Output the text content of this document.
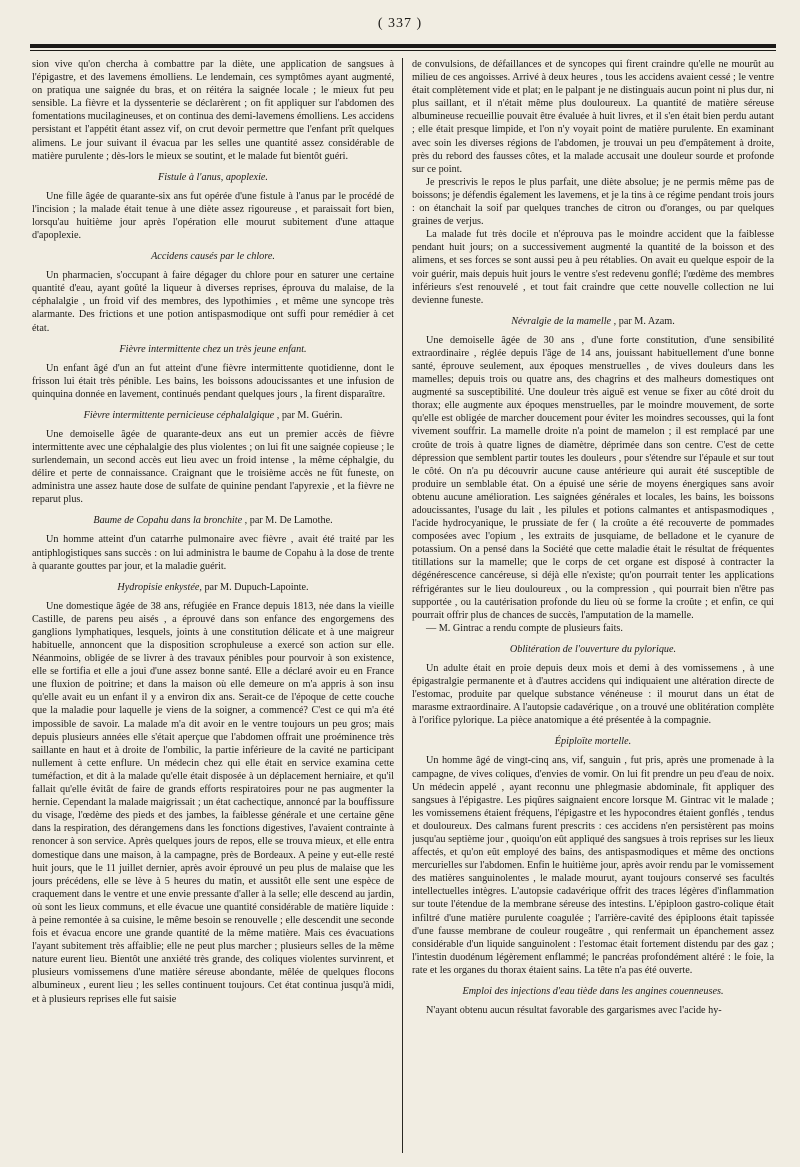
( 337 )

sion vive qu'on chercha à combattre par la diète, une application de sangsues à l'épigastre, et des lavemens émolliens. Le lendemain, ces symptômes ayant augmenté, on pratiqua une saignée du bras, et on réitéra la saignée locale ; le mieux fut peu sensible. La fièvre et la dyssenterie se déclarèrent ; on fit appliquer sur l'abdomen des fomentations mucilagineuses, et on continua des demi-lavemens émolliens. Les accidens persistant et l'appétit étant assez vif, on crut devoir permettre que l'enfant prît quelques alimens. Le jour suivant il évacua par les selles une quantité assez considérable de matière purulente ; dès-lors le mieux se soutint, et le malade fut bientôt guéri.

Fistule à l'anus, apoplexie.

Une fille âgée de quarante-six ans fut opérée d'une fistule à l'anus par le procédé de l'incision ; la malade était tenue à une diète assez rigoureuse , et paraissait fort bien, lorsqu'au huitième jour après l'opération elle mourut subitement d'une attaque d'apoplexie.

Accidens causés par le chlore.

Un pharmacien, s'occupant à faire dégager du chlore pour en saturer une certaine quantité d'eau, ayant goûté la liqueur à diverses reprises, éprouva du malaise, de la céphalalgie , un froid vif des membres, des lypothimies , et même une syncope très alarmante. Des frictions et une potion antispasmodique ont suffi pour remédier à cet état.

Fièvre intermittente chez un très jeune enfant.

Un enfant âgé d'un an fut atteint d'une fièvre intermittente quotidienne, dont le frisson lui était très pénible. Les bains, les boissons adoucissantes et une infusion de quinquina donnée en lavement, continués pendant quelques jours , la firent disparaître.

Fièvre intermittente pernicieuse céphalalgique , par M. Guérin.

Une demoiselle âgée de quarante-deux ans eut un premier accès de fièvre intermittente avec une céphalalgie des plus violentes ; on lui fit une saignée copieuse ; le surlendemain, un second accès eut lieu avec un froid intense , la même céphalgie, du délire et perte de connaissance. Craignant que le troisième accès ne fût funeste, on administra une assez haute dose de sulfate de quinine pendant l'apyrexie , et la fièvre ne reparut plus.

Baume de Copahu dans la bronchite , par M. De Lamothe.

Un homme atteint d'un catarrhe pulmonaire avec fièvre , avait été traité par les antiphlogistiques sans succès : on lui administra le baume de Copahu à la dose de trente à quarante gouttes par jour, et la maladie guérit.

Hydropisie enkystée, par M. Dupuch-Lapointe.

Une domestique âgée de 38 ans, réfugiée en France depuis 1813, née dans la vieille Castille, de parens peu aisés , a éprouvé dans son enfance des engorgemens des ganglions lymphatiques, lesquels, joints à une constitution délicate et à une maigreur habituelle, annoncent que la disposition scrophuleuse a exercé son action sur elle. Néanmoins, obligée de se livrer à des travaux pénibles pour pourvoir à son existence, elle se fortifia et elle a joui d'une assez bonne santé. Elle a déclaré avoir eu en France une fluxion de poitrine; et dans la maison où elle demeure on m'a appris à son insu qu'elle avait eu un enfant il y a environ dix ans. Serait-ce de l'époque de cette couche que la maladie pour laquelle je viens de la soigner, a commencé? C'est ce qui m'a été impossible de savoir. La malade m'a dit avoir en le ventre toujours un peu gros; mais depuis plusieurs années elle s'était aperçue que l'abdomen offrait une proéminence très saillante en haut et à droite de l'ombilic, la partie inférieure de la cavité ne participant nullement à cette enflure. Un médecin chez qui elle était en service examina cette tuméfaction, et dit à la malade qu'elle était disposée à un déplacement herniaire, et qu'il fallait qu'elle évitât de faire de grands efforts respiratoires pour ne pas augmenter la hernie. Cependant la malade maigrissait ; un état cachectique, annoncé par la bouffissure du visage, l'œdème des pieds et des jambes, la faiblesse générale et une certaine gêne dans la respiration, des dérangemens dans les fonctions digestives, l'avaient contrainte à renoncer à son service. Après quelques jours de repos, elle se trouva mieux, et elle entra domestique dans une maison, à la campagne, près de Bordeaux. A peine y eut-elle resté huit jours, que le 11 juillet dernier, après avoir éprouvé un peu plus de malaise que les jours précédens, elle se lève à 5 heures du matin, et aussitôt elle sent une espèce de craquement dans le ventre et une envie pressante d'aller à la selle; elle descend au jardin, où sont les lieux communs, et elle évacue une quantité considérable de matière liquide : à peine remontée à sa cuisine, le même besoin se renouvelle ; elle descendit une seconde fois et évacua encore une grande quantité de la même matière. Mais ces évacuations l'ayant subitement très affaiblie; elle ne peut plus marcher ; plusieurs selles de la même nature eurent lieu. Bientôt une anxiété très grande, des coliques violentes survinrent, et plusieurs vomissemens d'une matière séreuse abondante, mêlée de quelques flocons albumineux , eurent lieu ; les selles continuent toujours. Cet état continua jusqu'à midi, et à plusieurs reprises elle fut saisie

de convulsions, de défaillances et de syncopes qui firent craindre qu'elle ne mourût au milieu de ces angoisses. Arrivé à deux heures , tous les accidens avaient cessé ; le ventre était complètement vide et plat; en le palpant je ne distinguais aucun point ni plus dur, ni plus saillant, et il n'était même plus douloureux. La quantité de matière séreuse albumineuse recueillie pouvait être évaluée à huit livres, et il s'en était bien perdu autant ; elle était presque limpide, et l'on n'y voyait point de matière purulente. En examinant avec soin les diverses régions de l'abdomen, je trouvai un peu d'empâtement à droite, près du rebord des fausses côtes, et la malade accusait une douleur sourde et profonde sur ce point.

Je prescrivis le repos le plus parfait, une diète absolue; je ne permis même pas de boissons; je défendis également les lavemens, et je la tins à ce régime pendant trois jours : on étanchait la soif par quelques tranches de citron ou d'oranges, ou par quelques graines de verjus.

La malade fut très docile et n'éprouva pas le moindre accident que la faiblesse pendant huit jours; on a successivement augmenté la quantité de la boisson et des alimens, et ses forces se sont aussi peu à peu rétablies. On avait eu quelque espoir de la voir guérir, mais depuis huit jours le ventre s'est redevenu gonflé; l'œdème des membres inférieurs s'est renouvelé , et tout fait craindre que cette nouvelle collection ne lui devienne funeste.

Névralgie de la mamelle , par M. Azam.

Une demoiselle âgée de 30 ans , d'une forte constitution, d'une sensibilité extraordinaire , réglée depuis l'âge de 14 ans, jouissant habituellement d'une bonne santé, éprouve seulement, aux époques menstruelles , de vives douleurs dans les mamelles; depuis trois ou quatre ans, des chagrins et des malheurs domestiques ont augmenté sa susceptibilité. Une douleur très aiguë est venue se fixer au côté droit du thorax; elle augmente aux époques menstruelles, par le moindre mouvement, de sorte qu'elle est obligée de marcher doucement pour éviter les moindres secousses, qui la font vivement souffrir. La mamelle droite n'a point de mamelon ; il est remplacé par une croûte de trois à quatre lignes de diamètre, déprimée dans son centre. C'est de cette dépression que semblent partir toutes les douleurs , pour s'étendre sur l'épaule et sur tout le côté. On n'a pu découvrir aucune cause antérieure qui aurait été susceptible de produire un semblable état. On a épuisé une série de moyens énergiques sans avoir obtenu aucune amélioration. Les saignées générales et locales, les bains, les boissons adoucissantes, l'usage du lait , les pilules et potions calmantes et antispasmodiques , l'acide hydrocyanique, le prussiate de fer ( la croûte a été recouverte de pommades composées avec l'opium , les extraits de jusquiame, de belladone et le cyanure de potassium. On a pensé dans la Société que cette maladie était le résultat de fréquentes titillations sur la mamelle; que le corps de cet organe est disposé à contracter la dégénérescence cancéreuse, si déjà elle n'existe; qu'on pourrait tenter les applications réfrigérantes sur le lieu douloureux , ou la compression , qui pourrait bien n'être pas supportée , ou la cautérisation profonde du lieu où se forme la croûte ; et enfin, ce qui pourrait offrir plus de chances de succès, l'amputation de la mamelle.

— M. Gintrac a rendu compte de plusieurs faits.

Oblitération de l'ouverture du pylorique.

Un adulte était en proie depuis deux mois et demi à des vomissemens , à une épigastralgie permanente et à d'autres accidens qui indiquaient une altération directe de l'estomac, produite par quelque substance vénéneuse : il mourut dans un état de marasme extraordinaire. A l'autopsie cadavérique , on a trouvé une oblitération complète à l'orifice pylorique. La pièce anatomique a été présentée à la compagnie.

Épiploïte mortelle.

Un homme âgé de vingt-cinq ans, vif, sanguin , fut pris, après une promenade à la campagne, de vives coliques, d'envies de vomir. On lui fit prendre un peu d'eau de noix. Un médecin appelé , ayant reconnu une phlegmasie abdominale, fit appliquer des sangsues à l'épigastre. Les piqûres saignaient encore lorsque M. Gintrac vit le malade ; les vomissemens étaient fréquens, l'épigastre et les hypocondres étaient gonflés , tendus et douloureux. Des calmans furent prescrits : ces accidens n'en persistèrent pas moins jusqu'au septième jour , quoiqu'on eût appliqué des sangsues à trois reprises sur les lieux affectés, et qu'on eût employé des bains, des antispasmodiques et même des onctions mercurielles sur l'abdomen. Enfin le huitième jour, après avoir rendu par le vomissement des matières sanguinolentes , le malade mourut, ayant toujours conservé ses facultés intellectuelles intègres. L'autopsie cadavérique offrit des traces légères d'inflammation sur toute l'étendue de la membrane séreuse des intestins. L'épiploon gastro-colique était infiltré d'une matière purulente coagulée ; l'arrière-cavité des épiploons était tapissée d'une fausse membrane de couleur rougeâtre , qui renfermait un épanchement assez considérable d'un liquide sanguinolent : l'estomac était fortement distendu par des gaz ; l'intestin duodénum légèrement enflammé; le pancréas profondément altéré : le foie, la rate et les organes du thorax étaient sains. La tête n'a pas été ouverte.

Emploi des injections d'eau tiède dans les angines couenneuses.

N'ayant obtenu aucun résultat favorable des gargarismes avec l'acide hy-
